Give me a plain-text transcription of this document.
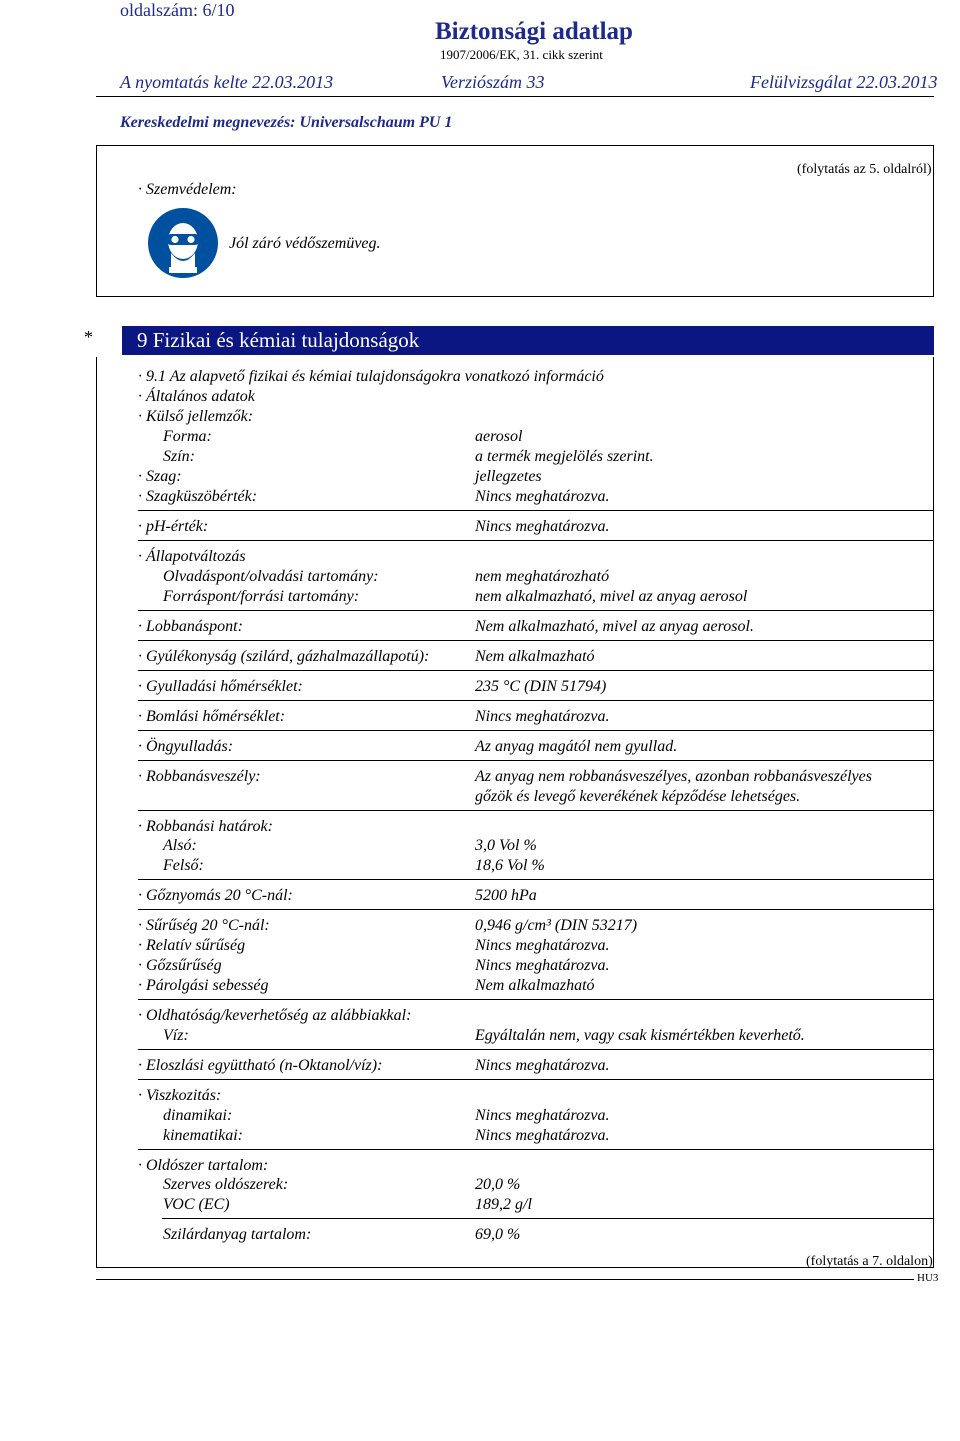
oldalszám: 6/10
Biztonsági adatlap
1907/2006/EK, 31. cikk szerint
A nyomtatás kelte 22.03.2013	Verziószám 33	Felülvizsgálat 22.03.2013
Kereskedelmi megnevezés: Universalschaum PU 1
(folytatás az 5. oldalról)
· Szemvédelem:
Jól záró védőszemüveg.
*	9 Fizikai és kémiai tulajdonságok
· 9.1 Az alapvető fizikai és kémiai tulajdonságokra vonatkozó információ
· Általános adatok
· Külső jellemzők:
Forma:	aerosol
Szín:	a termék megjelölés szerint.
· Szag:	jellegzetes
· Szagküszöbérték:	Nincs meghatározva.
· pH-érték:	Nincs meghatározva.
· Állapotváltozás
Olvadáspont/olvadási tartomány:	nem meghatározható
Forráspont/forrási tartomány:	nem alkalmazható, mivel az anyag aerosol
· Lobbanáspont:	Nem alkalmazható, mivel az anyag aerosol.
· Gyúlékonyság (szilárd, gázhalmazállapotú):	Nem alkalmazható
· Gyulladási hőmérséklet:	235 °C (DIN 51794)
· Bomlási hőmérséklet:	Nincs meghatározva.
· Öngyulladás:	Az anyag magától nem gyullad.
· Robbanásveszély:	Az anyag nem robbanásveszélyes, azonban robbanásveszélyes
gőzök és levegő keverékének képződése lehetséges.
· Robbanási határok:
Alsó:	3,0 Vol %
Felső:	18,6 Vol %
· Gőznyomás 20 °C-nál:	5200 hPa
· Sűrűség 20 °C-nál:	0,946 g/cm³ (DIN 53217)
· Relatív sűrűség	Nincs meghatározva.
· Gőzsűrűség	Nincs meghatározva.
· Párolgási sebesség	Nem alkalmazható
· Oldhatóság/keverhetőség az alábbiakkal:
Víz:	Egyáltalán nem, vagy csak kismértékben keverhető.
· Eloszlási együttható (n-Oktanol/víz):	Nincs meghatározva.
· Viszkozitás:
dinamikai:	Nincs meghatározva.
kinematikai:	Nincs meghatározva.
· Oldószer tartalom:
Szerves oldószerek:	20,0 %
VOC (EC)	189,2 g/l
Szilárdanyag tartalom:	69,0 %
(folytatás a 7. oldalon)
HU3
